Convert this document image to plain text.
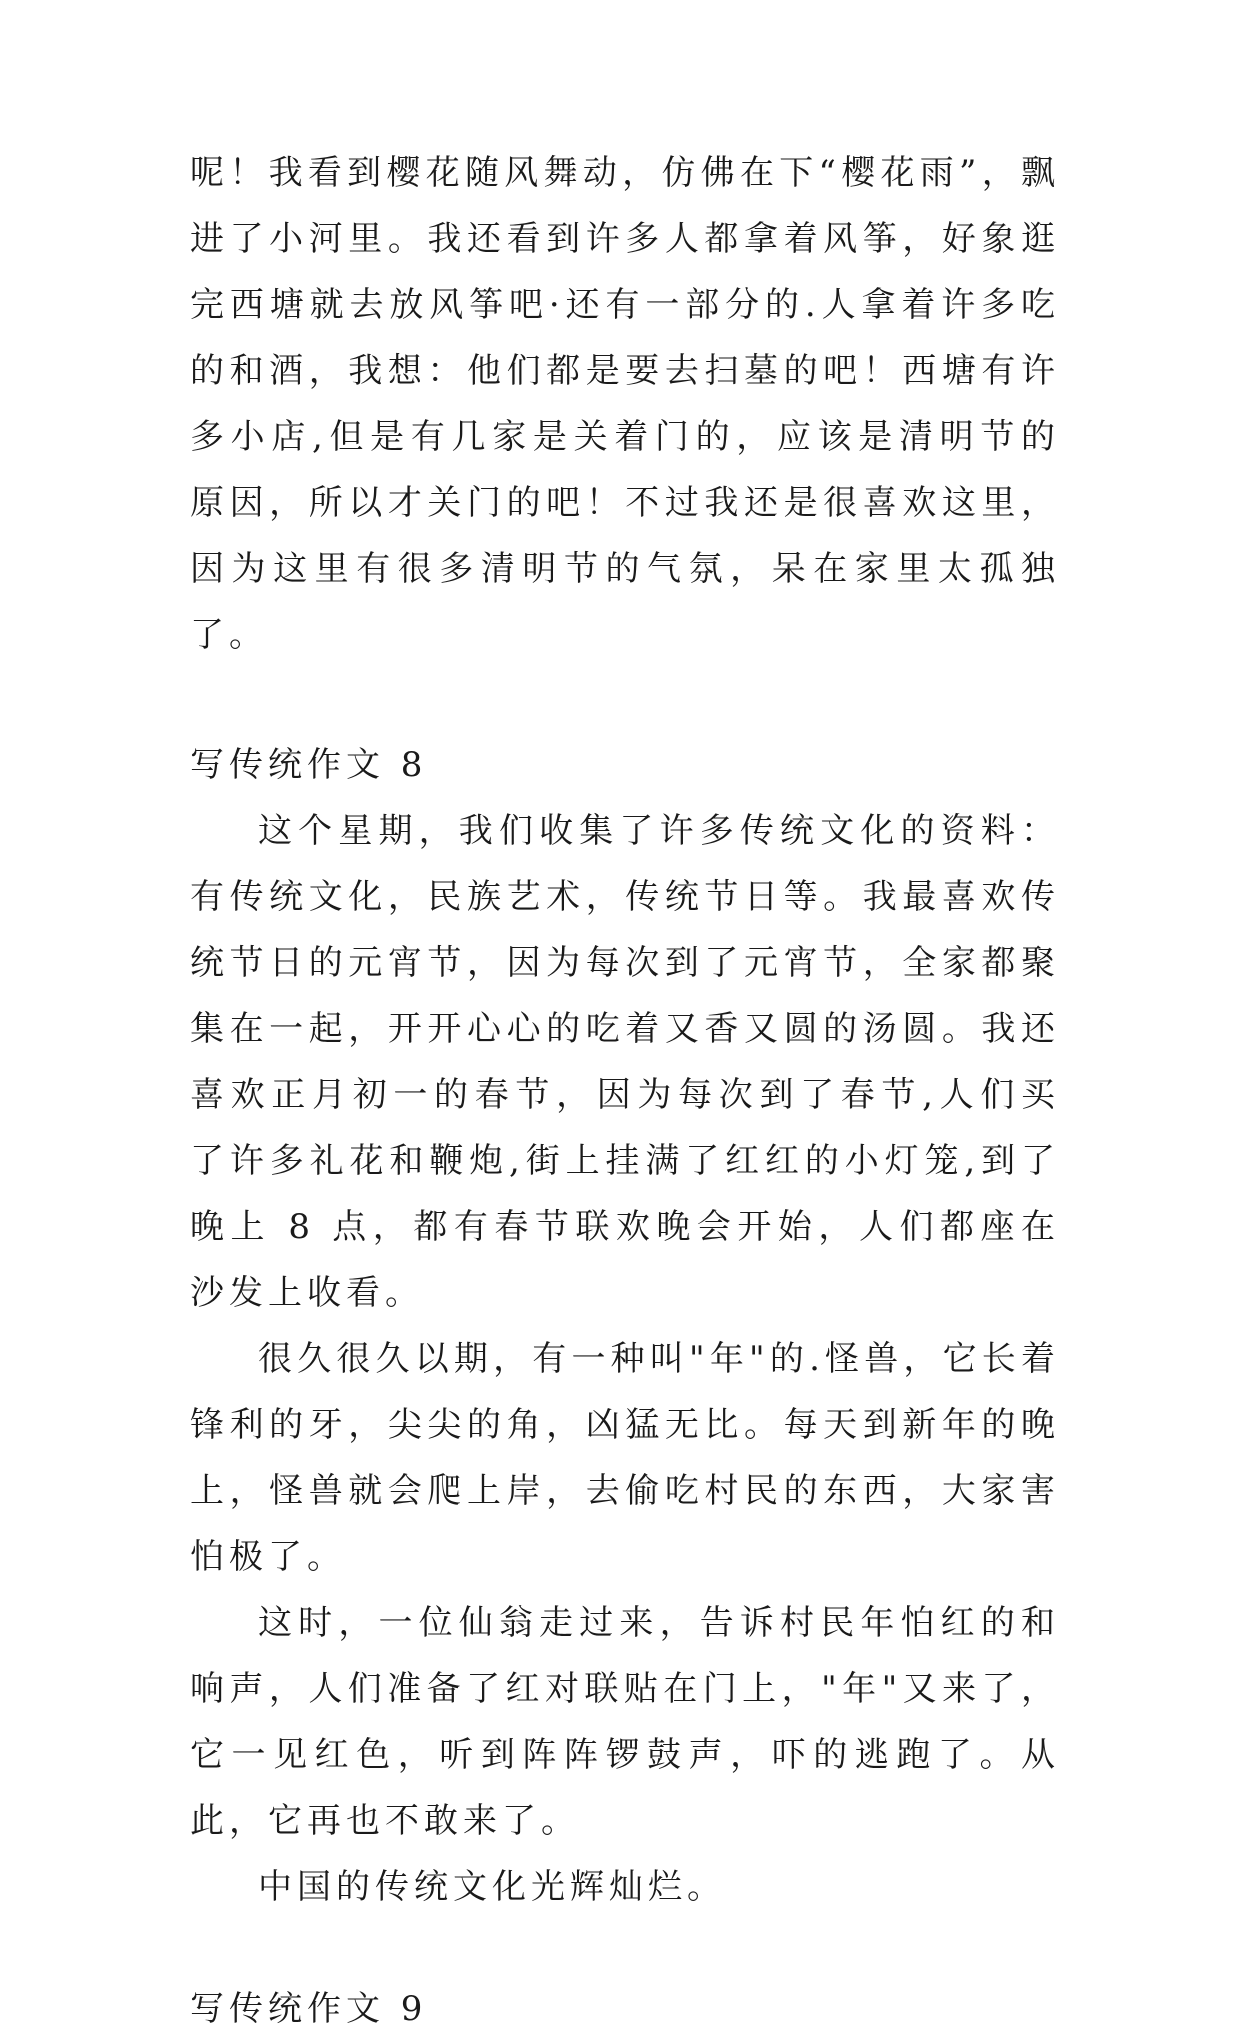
呢！我看到樱花随风舞动，仿佛在下“樱花雨”，飘进了小河里。我还看到许多人都拿着风筝，好象逛完西塘就去放风筝吧·还有一部分的.人拿着许多吃的和酒，我想：他们都是要去扫墓的吧！西塘有许多小店,但是有几家是关着门的，应该是清明节的原因，所以才关门的吧！不过我还是很喜欢这里，因为这里有很多清明节的气氛，呆在家里太孤独了。

写传统作文 8

这个星期，我们收集了许多传统文化的资料：有传统文化，民族艺术，传统节日等。我最喜欢传统节日的元宵节，因为每次到了元宵节，全家都聚集在一起，开开心心的吃着又香又圆的汤圆。我还喜欢正月初一的春节，因为每次到了春节,人们买了许多礼花和鞭炮,街上挂满了红红的小灯笼,到了晚上 8 点，都有春节联欢晚会开始，人们都座在沙发上收看。

很久很久以期，有一种叫"年"的.怪兽，它长着锋利的牙，尖尖的角，凶猛无比。每天到新年的晚上，怪兽就会爬上岸，去偷吃村民的东西，大家害怕极了。

这时，一位仙翁走过来，告诉村民年怕红的和响声，人们准备了红对联贴在门上，"年"又来了，它一见红色，听到阵阵锣鼓声，吓的逃跑了。从此，它再也不敢来了。

中国的传统文化光辉灿烂。

写传统作文 9
